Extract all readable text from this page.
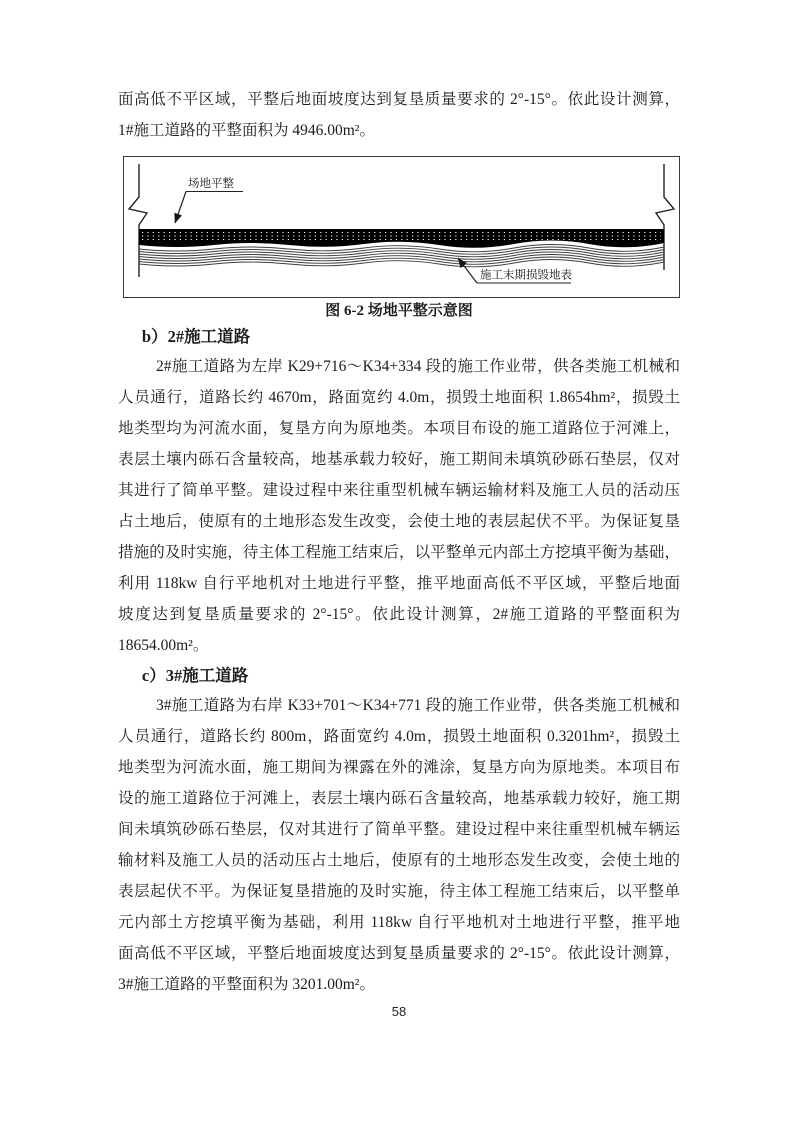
面高低不平区域，平整后地面坡度达到复垦质量要求的 2°-15°。依此设计测算，
1#施工道路的平整面积为 4946.00m²。
场地平整
施工末期损毁地表
图 6-2 场地平整示意图
b）2#施工道路
2#施工道路为左岸 K29+716～K34+334 段的施工作业带，供各类施工机械和
人员通行，道路长约 4670m，路面宽约 4.0m，损毁土地面积 1.8654hm²，损毁土
地类型均为河流水面，复垦方向为原地类。本项目布设的施工道路位于河滩上，
表层土壤内砾石含量较高，地基承载力较好，施工期间未填筑砂砾石垫层，仅对
其进行了简单平整。建设过程中来往重型机械车辆运输材料及施工人员的活动压
占土地后，使原有的土地形态发生改变，会使土地的表层起伏不平。为保证复垦
措施的及时实施，待主体工程施工结束后，以平整单元内部土方挖填平衡为基础，
利用 118kw 自行平地机对土地进行平整，推平地面高低不平区域，平整后地面
坡度达到复垦质量要求的 2°-15°。依此设计测算，2#施工道路的平整面积为
18654.00m²。
c）3#施工道路
3#施工道路为右岸 K33+701～K34+771 段的施工作业带，供各类施工机械和
人员通行，道路长约 800m，路面宽约 4.0m，损毁土地面积 0.3201hm²，损毁土
地类型为河流水面，施工期间为裸露在外的滩涂，复垦方向为原地类。本项目布
设的施工道路位于河滩上，表层土壤内砾石含量较高，地基承载力较好，施工期
间未填筑砂砾石垫层，仅对其进行了简单平整。建设过程中来往重型机械车辆运
输材料及施工人员的活动压占土地后，使原有的土地形态发生改变，会使土地的
表层起伏不平。为保证复垦措施的及时实施，待主体工程施工结束后，以平整单
元内部土方挖填平衡为基础，利用 118kw 自行平地机对土地进行平整，推平地
面高低不平区域，平整后地面坡度达到复垦质量要求的 2°-15°。依此设计测算，
3#施工道路的平整面积为 3201.00m²。
58
